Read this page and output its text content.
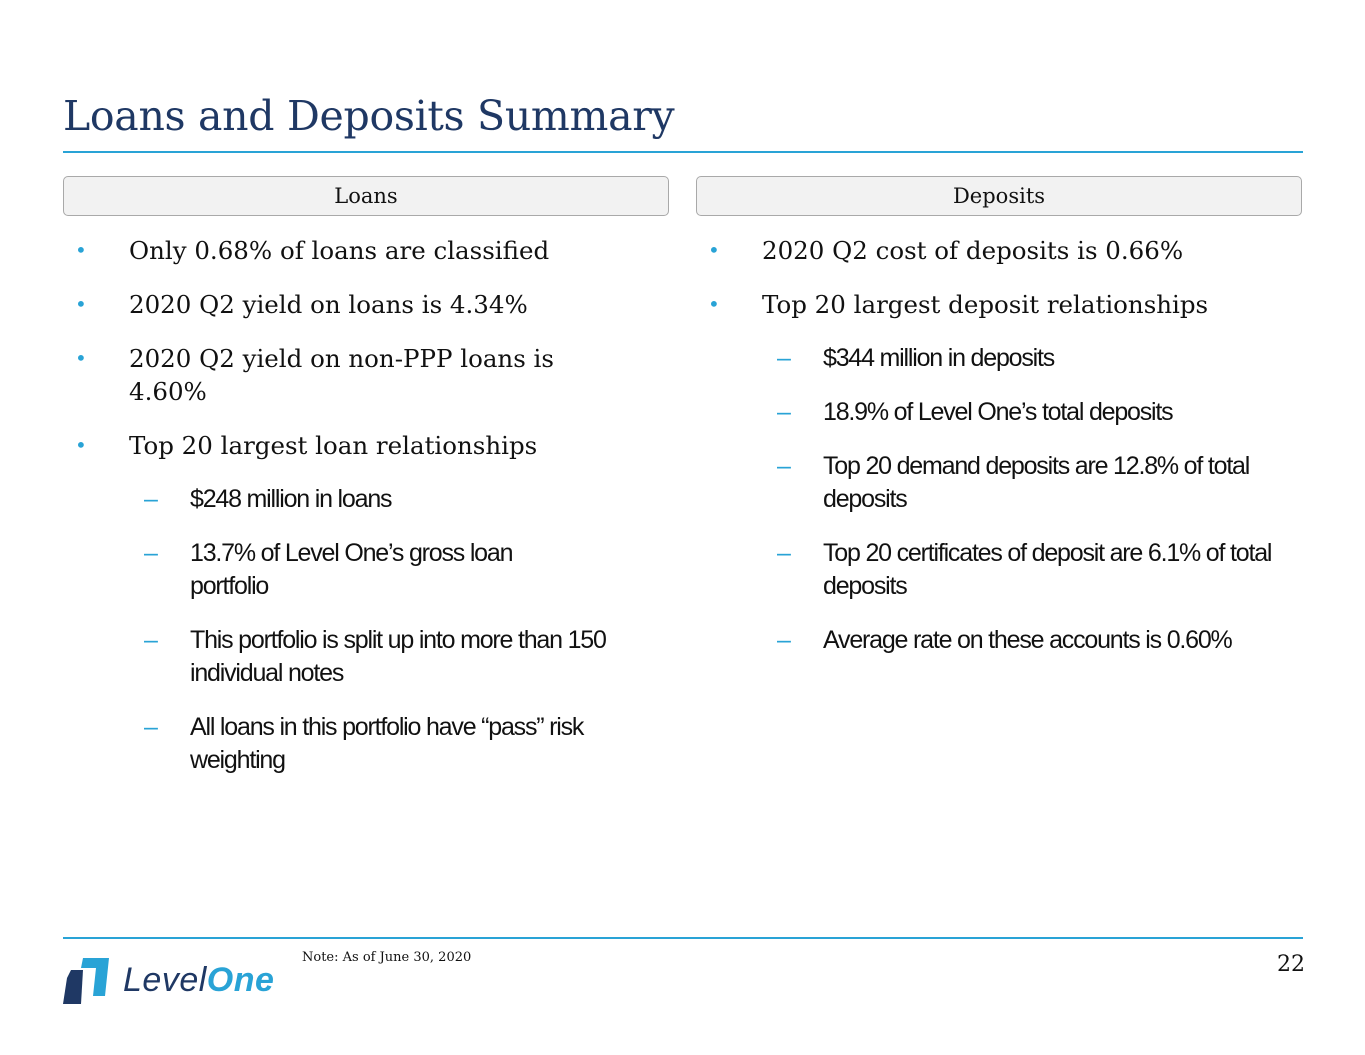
Loans and Deposits Summary
Loans	Deposits
• Only 0.68% of loans are classified
• 2020 Q2 yield on loans is 4.34%
• 2020 Q2 yield on non-PPP loans is 4.60%
• Top 20 largest loan relationships
– $248 million in loans
– 13.7% of Level One’s gross loan portfolio
– This portfolio is split up into more than 150 individual notes
– All loans in this portfolio have “pass” risk weighting
• 2020 Q2 cost of deposits is 0.66%
• Top 20 largest deposit relationships
– $344 million in deposits
– 18.9% of Level One’s total deposits
– Top 20 demand deposits are 12.8% of total deposits
– Top 20 certificates of deposit are 6.1% of total deposits
– Average rate on these accounts is 0.60%
LevelOne
Note: As of June 30, 2020	22
